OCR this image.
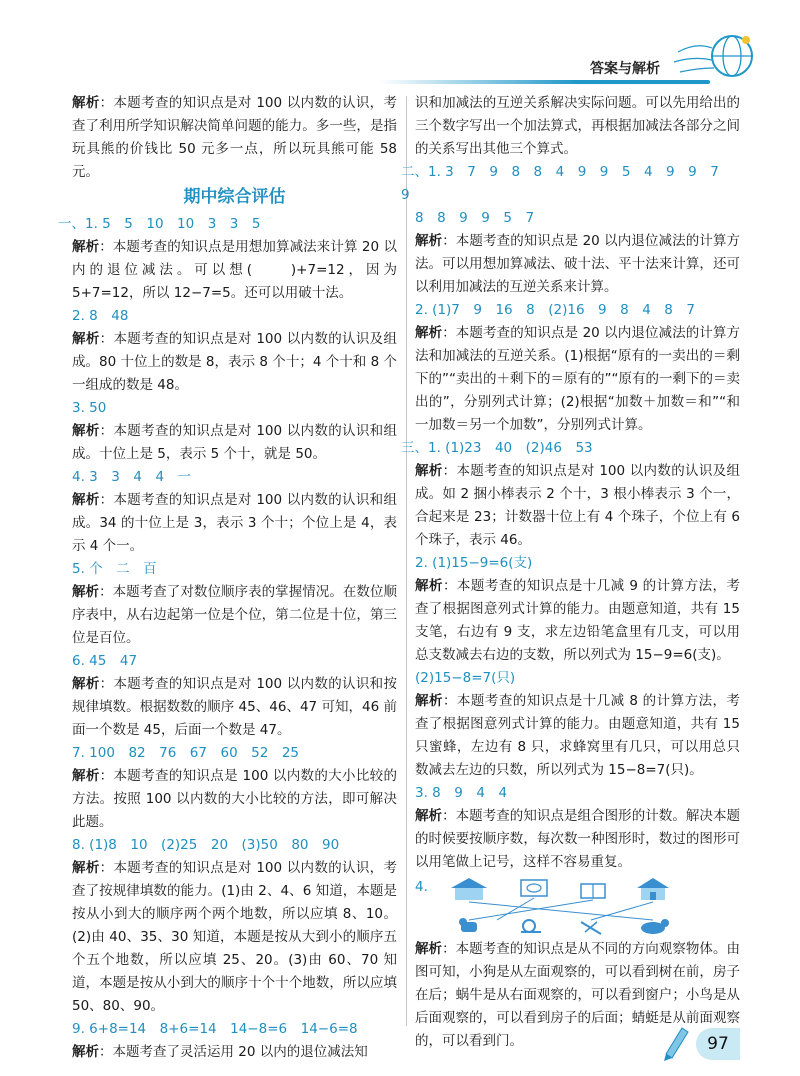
答案与解析

解析：本题考查的知识点是对 100 以内数的认识，考查了利用所学知识解决简单问题的能力。多一些，是指玩具熊的价钱比 50 元多一点，所以玩具熊可能 58 元。

期中综合评估

一、1. 5　5　10　10　3　3　5

解析：本题考查的知识点是用想加算减法来计算 20 以内的退位减法。可以想(　　)+7=12，因为 5+7=12，所以 12−7=5。还可以用破十法。

2. 8　48

解析：本题考查的知识点是对 100 以内数的认识及组成。80 十位上的数是 8，表示 8 个十；4 个十和 8 个一组成的数是 48。

3. 50

解析：本题考查的知识点是对 100 以内数的认识和组成。十位上是 5，表示 5 个十，就是 50。

4. 3　3　4　4　一

解析：本题考查的知识点是对 100 以内数的认识和组成。34 的十位上是 3，表示 3 个十；个位上是 4，表示 4 个一。

5. 个　二　百

解析：本题考查了对数位顺序表的掌握情况。在数位顺序表中，从右边起第一位是个位，第二位是十位，第三位是百位。

6. 45　47

解析：本题考查的知识点是对 100 以内数的认识和按规律填数。根据数数的顺序 45、46、47 可知，46 前面一个数是 45，后面一个数是 47。

7. 100　82　76　67　60　52　25

解析：本题考查的知识点是 100 以内数的大小比较的方法。按照 100 以内数的大小比较的方法，即可解决此题。

8. (1)8　10　(2)25　20　(3)50　80　90

解析：本题考查的知识点是对 100 以内数的认识，考查了按规律填数的能力。(1)由 2、4、6 知道，本题是按从小到大的顺序两个两个地数，所以应填 8、10。(2)由 40、35、30 知道，本题是按从大到小的顺序五个五个地数，所以应填 25、20。(3)由 60、70 知道，本题是按从小到大的顺序十个十个地数，所以应填 50、80、90。

9. 6+8=14　8+6=14　14−8=6　14−6=8

解析：本题考查了灵活运用 20 以内的退位减法知

识和加减法的互逆关系解决实际问题。可以先用给出的三个数字写出一个加法算式，再根据加减法各部分之间的关系写出其他三个算式。

二、1. 3　7　9　8　8　4　9　9　5　4　9　9　7　9

8　8　9　9　5　7

解析：本题考查的知识点是 20 以内退位减法的计算方法。可以用想加算减法、破十法、平十法来计算，还可以利用加减法的互逆关系来计算。

2. (1)7　9　16　8　(2)16　9　8　4　8　7

解析：本题考查的知识点是 20 以内退位减法的计算方法和加减法的互逆关系。(1)根据“原有的一卖出的＝剩下的”“卖出的＋剩下的＝原有的”“原有的一剩下的＝卖出的”，分别列式计算；(2)根据“加数＋加数＝和”“和一加数＝另一个加数”，分别列式计算。

三、1. (1)23　40　(2)46　53

解析：本题考查的知识点是对 100 以内数的认识及组成。如 2 捆小棒表示 2 个十，3 根小棒表示 3 个一，合起来是 23；计数器十位上有 4 个珠子，个位上有 6 个珠子，表示 46。

2. (1)15−9=6(支)

解析：本题考查的知识点是十几减 9 的计算方法，考查了根据图意列式计算的能力。由题意知道，共有 15 支笔，右边有 9 支，求左边铅笔盒里有几支，可以用总支数减去右边的支数，所以列式为 15−9=6(支)。

(2)15−8=7(只)

解析：本题考查的知识点是十几减 8 的计算方法，考查了根据图意列式计算的能力。由题意知道，共有 15 只蜜蜂，左边有 8 只，求蜂窝里有几只，可以用总只数减去左边的只数，所以列式为 15−8=7(只)。

3. 8　9　4　4

解析：本题考查的知识点是组合图形的计数。解决本题的时候要按顺序数，每次数一种图形时，数过的图形可以用笔做上记号，这样不容易重复。

4.

解析：本题考查的知识点是从不同的方向观察物体。由图可知，小狗是从左面观察的，可以看到树在前，房子在后；蜗牛是从右面观察的，可以看到窗户；小鸟是从后面观察的，可以看到房子的后面；蜻蜓是从前面观察的，可以看到门。	97
